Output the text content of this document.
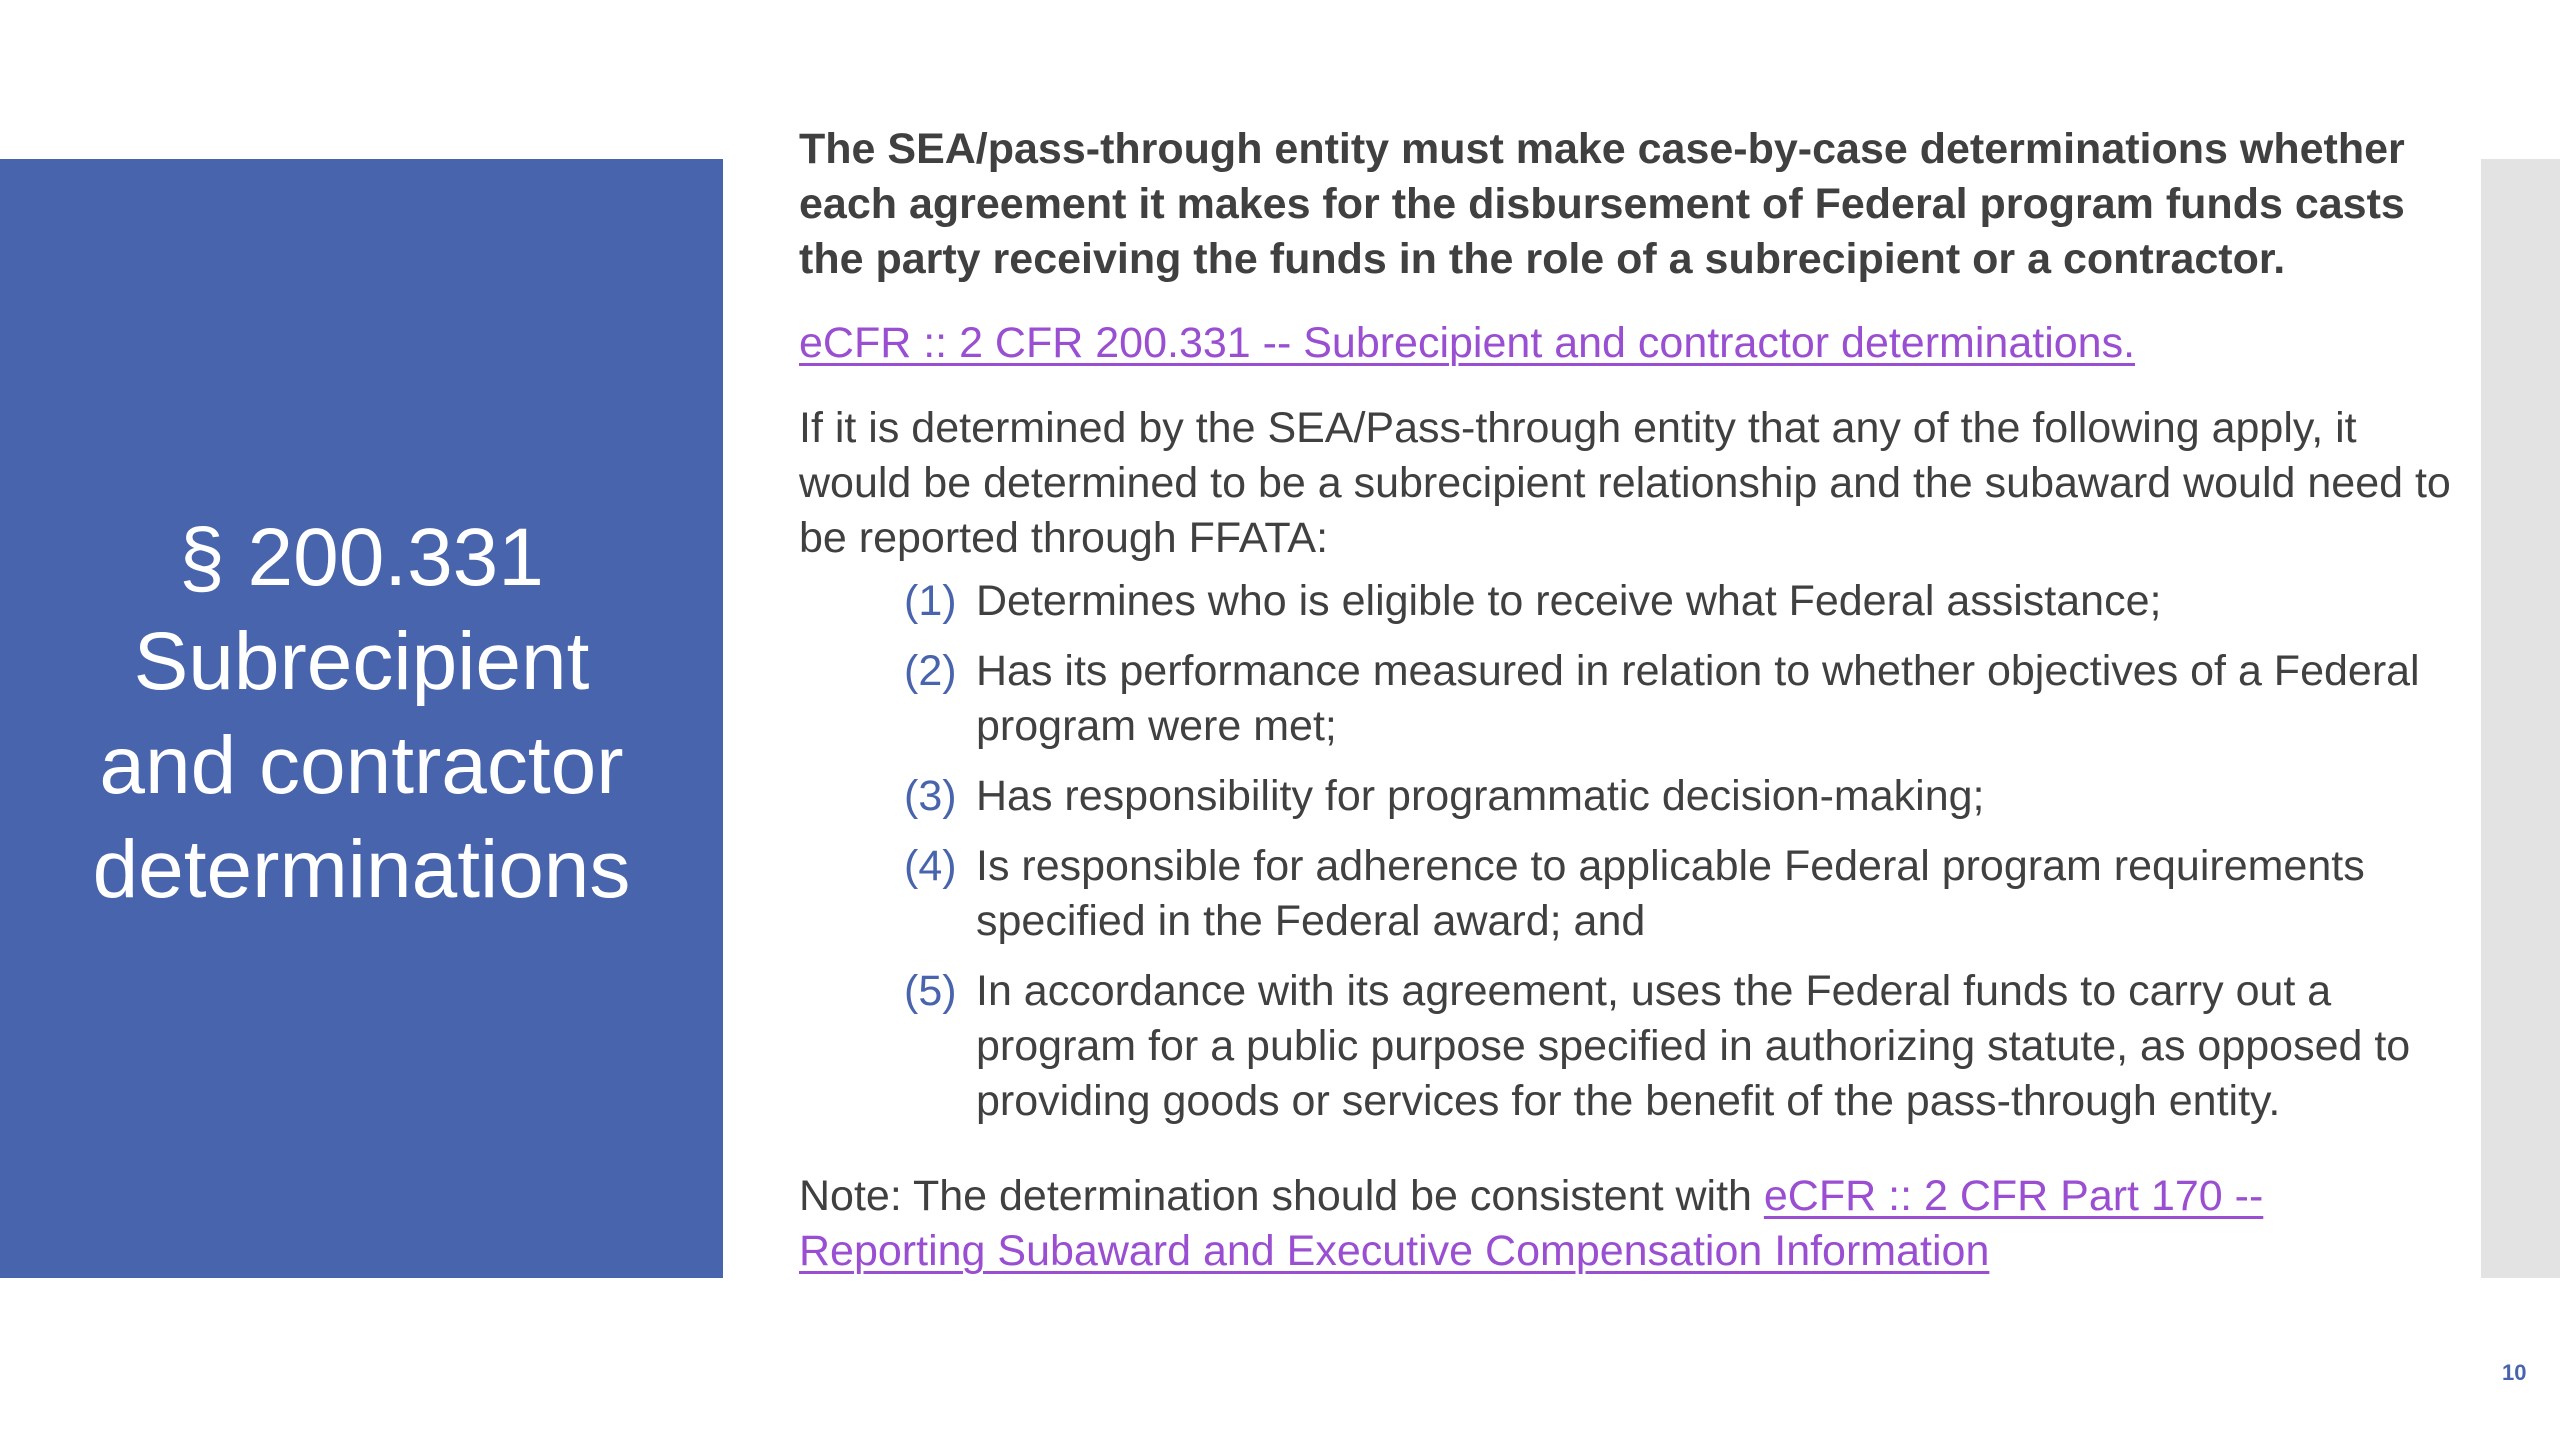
§ 200.331
Subrecipient
and contractor
determinations

The SEA/pass-through entity must make case-by-case determinations whether each agreement it makes for the disbursement of Federal program funds casts the party receiving the funds in the role of a subrecipient or a contractor.

eCFR :: 2 CFR 200.331 -- Subrecipient and contractor determinations.
If it is determined by the SEA/Pass-through entity that any of the following apply, it would be determined to be a subrecipient relationship and the subaward would need to be reported through FFATA:
(1) Determines who is eligible to receive what Federal assistance;
(2) Has its performance measured in relation to whether objectives of a Federal program were met;
(3) Has responsibility for programmatic decision-making;
(4) Is responsible for adherence to applicable Federal program requirements specified in the Federal award; and
(5) In accordance with its agreement, uses the Federal funds to carry out a program for a public purpose specified in authorizing statute, as opposed to providing goods or services for the benefit of the pass-through entity.
Note: The determination should be consistent with eCFR :: 2 CFR Part 170 -- Reporting Subaward and Executive Compensation Information
10
